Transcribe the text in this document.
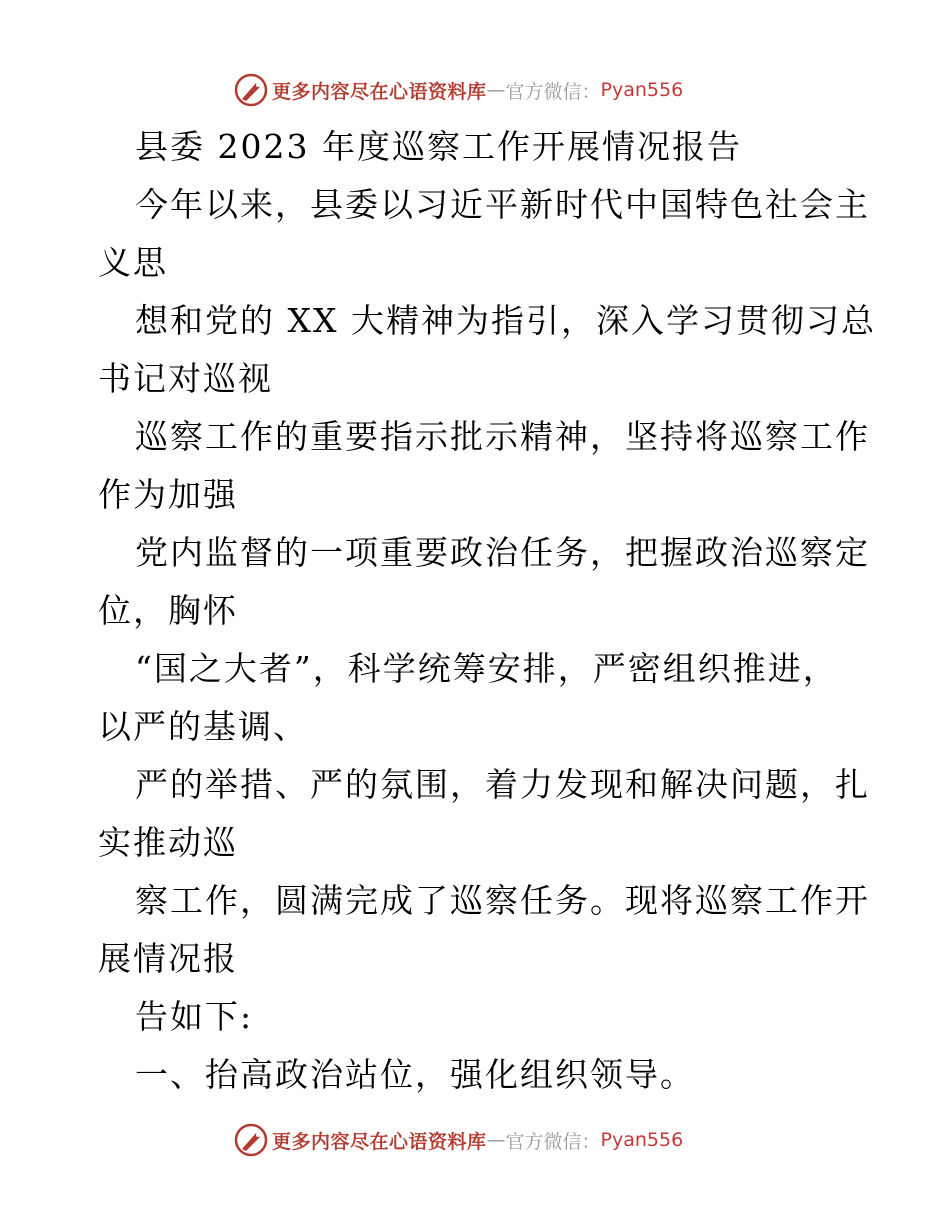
更多内容尽在心语资料库 — 官方微信： Pyan556
县委 2023 年度巡察工作开展情况报告
今年以来，县委以习近平新时代中国特色社会主
义思
想和党的 XX 大精神为指引，深入学习贯彻习总
书记对巡视
巡察工作的重要指示批示精神，坚持将巡察工作
作为加强
党内监督的一项重要政治任务，把握政治巡察定
位，胸怀
“国之大者”，科学统筹安排，严密组织推进，
以严的基调、
严的举措、严的氛围，着力发现和解决问题，扎
实推动巡
察工作，圆满完成了巡察任务。现将巡察工作开
展情况报
告如下:
一、抬高政治站位，强化组织领导。
更多内容尽在心语资料库 — 官方微信： Pyan556
